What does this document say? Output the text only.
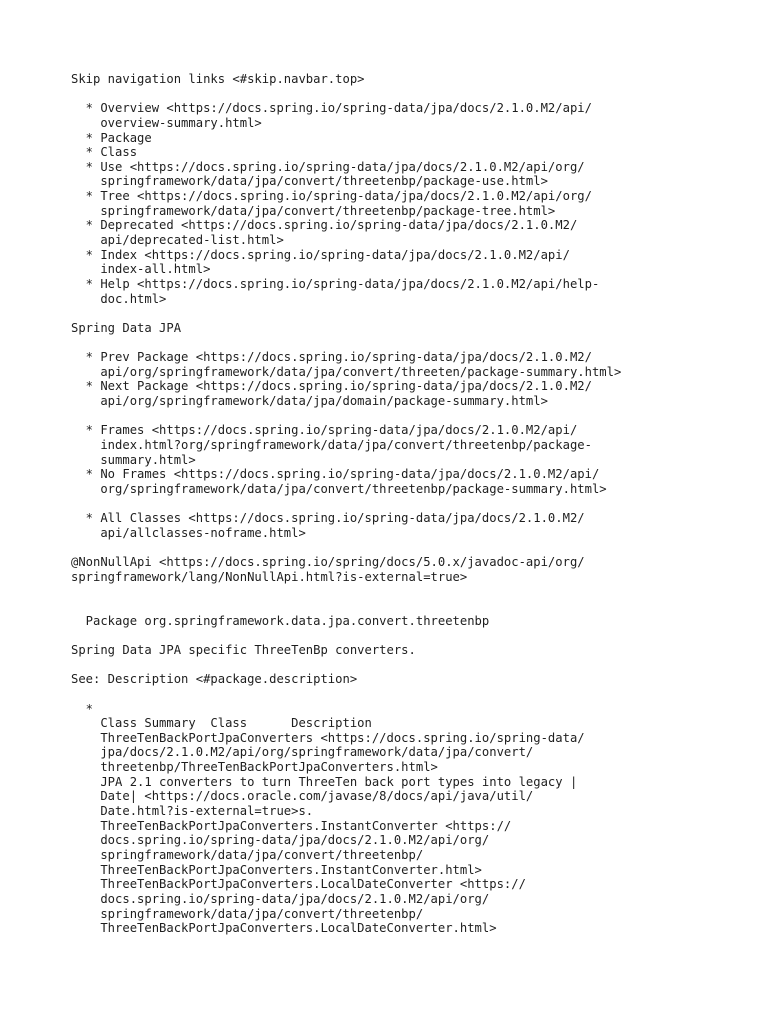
Skip navigation links <#skip.navbar.top>
* Overview <https://docs.spring.io/spring-data/jpa/docs/2.1.0.M2/api/
overview-summary.html>
* Package
* Class
* Use <https://docs.spring.io/spring-data/jpa/docs/2.1.0.M2/api/org/
springframework/data/jpa/convert/threetenbp/package-use.html>
* Tree <https://docs.spring.io/spring-data/jpa/docs/2.1.0.M2/api/org/
springframework/data/jpa/convert/threetenbp/package-tree.html>
* Deprecated <https://docs.spring.io/spring-data/jpa/docs/2.1.0.M2/
api/deprecated-list.html>
* Index <https://docs.spring.io/spring-data/jpa/docs/2.1.0.M2/api/
index-all.html>
* Help <https://docs.spring.io/spring-data/jpa/docs/2.1.0.M2/api/help-
doc.html>
Spring Data JPA
* Prev Package <https://docs.spring.io/spring-data/jpa/docs/2.1.0.M2/
api/org/springframework/data/jpa/convert/threeten/package-summary.html>
* Next Package <https://docs.spring.io/spring-data/jpa/docs/2.1.0.M2/
api/org/springframework/data/jpa/domain/package-summary.html>
* Frames <https://docs.spring.io/spring-data/jpa/docs/2.1.0.M2/api/
index.html?org/springframework/data/jpa/convert/threetenbp/package-
summary.html>
* No Frames <https://docs.spring.io/spring-data/jpa/docs/2.1.0.M2/api/
org/springframework/data/jpa/convert/threetenbp/package-summary.html>
* All Classes <https://docs.spring.io/spring-data/jpa/docs/2.1.0.M2/
api/allclasses-noframe.html>
@NonNullApi <https://docs.spring.io/spring/docs/5.0.x/javadoc-api/org/
springframework/lang/NonNullApi.html?is-external=true>
Package org.springframework.data.jpa.convert.threetenbp
Spring Data JPA specific ThreeTenBp converters.
See: Description <#package.description>
*
Class Summary  Class      Description
ThreeTenBackPortJpaConverters <https://docs.spring.io/spring-data/
jpa/docs/2.1.0.M2/api/org/springframework/data/jpa/convert/
threetenbp/ThreeTenBackPortJpaConverters.html>
JPA 2.1 converters to turn ThreeTen back port types into legacy |
Date| <https://docs.oracle.com/javase/8/docs/api/java/util/
Date.html?is-external=true>s.
ThreeTenBackPortJpaConverters.InstantConverter <https://
docs.spring.io/spring-data/jpa/docs/2.1.0.M2/api/org/
springframework/data/jpa/convert/threetenbp/
ThreeTenBackPortJpaConverters.InstantConverter.html>
ThreeTenBackPortJpaConverters.LocalDateConverter <https://
docs.spring.io/spring-data/jpa/docs/2.1.0.M2/api/org/
springframework/data/jpa/convert/threetenbp/
ThreeTenBackPortJpaConverters.LocalDateConverter.html>
